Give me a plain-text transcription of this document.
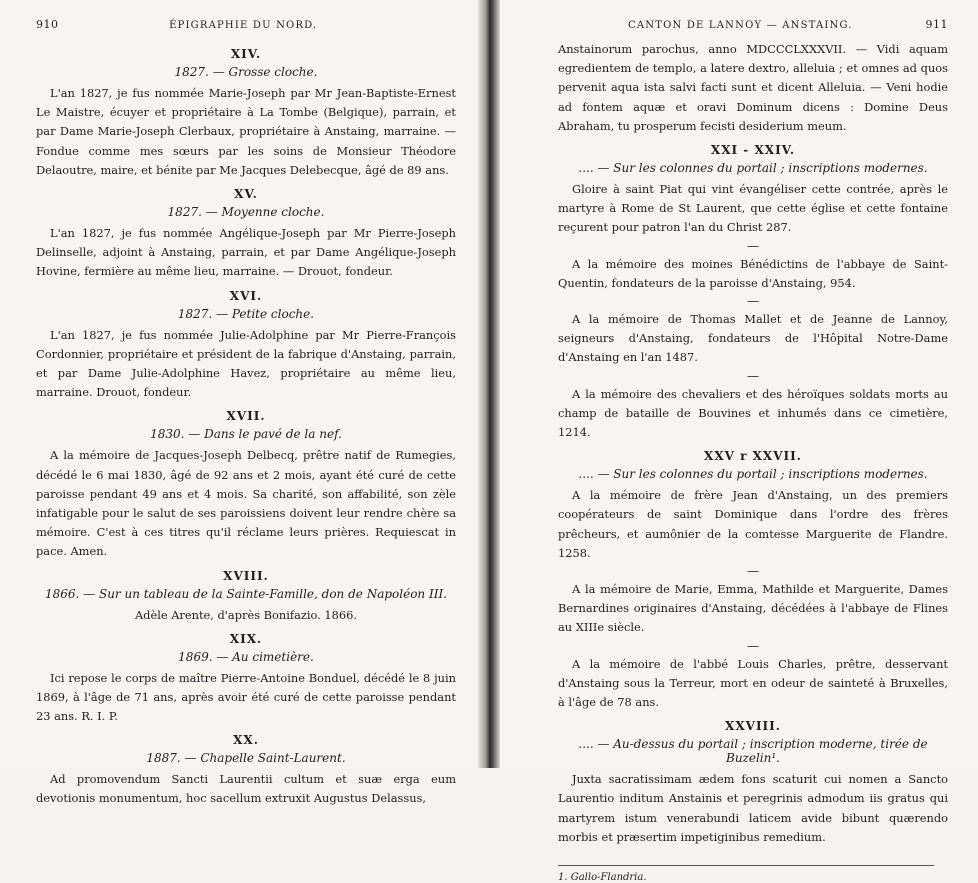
910	ÉPIGRAPHIE DU NORD.
XIV.
1827. — Grosse cloche.

L'an 1827, je fus nommée Marie-Joseph par Mr Jean-Baptiste-Ernest Le Maistre, écuyer et propriétaire à La Tombe (Belgique), parrain, et par Dame Marie-Joseph Clerbaux, propriétaire à Anstaing, marraine. — Fondue comme mes sœurs par les soins de Monsieur Théodore Delaoutre, maire, et bénite par Me Jacques Delebecque, âgé de 89 ans.

XV.
1827. — Moyenne cloche.

L'an 1827, je fus nommée Angélique-Joseph par Mr Pierre-Joseph Delinselle, adjoint à Anstaing, parrain, et par Dame Angélique-Joseph Hovine, fermière au même lieu, marraine. — Drouot, fondeur.

XVI.
1827. — Petite cloche.

L'an 1827, je fus nommée Julie-Adolphine par Mr Pierre-François Cordonnier, propriétaire et président de la fabrique d'Anstaing, parrain, et par Dame Julie-Adolphine Havez, propriétaire au même lieu, marraine. Drouot, fondeur.

XVII.
1830. — Dans le pavé de la nef.

A la mémoire de Jacques-Joseph Delbecq, prêtre natif de Rumegies, décédé le 6 mai 1830, âgé de 92 ans et 2 mois, ayant été curé de cette paroisse pendant 49 ans et 4 mois. Sa charité, son affabilité, son zèle infatigable pour le salut de ses paroissiens doivent leur rendre chère sa mémoire. C'est à ces titres qu'il réclame leurs prières. Requiescat in pace. Amen.

XVIII.
1866. — Sur un tableau de la Sainte-Famille, don de Napoléon III.
Adèle Arente, d'après Bonifazio. 1866.
XIX.
1869. — Au cimetière.

Ici repose le corps de maître Pierre-Antoine Bonduel, décédé le 8 juin 1869, à l'âge de 71 ans, après avoir été curé de cette paroisse pendant 23 ans. R. I. P.

XX.
1887. — Chapelle Saint-Laurent.

Ad promovendum Sancti Laurentii cultum et suæ erga eum devotionis monumentum, hoc sacellum extruxit Augustus Delassus,

CANTON DE LANNOY — ANSTAING.	911

Anstainorum parochus, anno MDCCCLXXXVII. — Vidi aquam egredientem de templo, a latere dextro, alleluia ; et omnes ad quos pervenit aqua ista salvi facti sunt et dicent Alleluia. — Veni hodie ad fontem aquæ et oravi Dominum dicens : Domine Deus Abraham, tu prosperum fecisti desiderium meum.

XXI - XXIV.
.... — Sur les colonnes du portail ; inscriptions modernes.

Gloire à saint Piat qui vint évangéliser cette contrée, après le martyre à Rome de St Laurent, que cette église et cette fontaine reçurent pour patron l'an du Christ 287.

—

A la mémoire des moines Bénédictins de l'abbaye de Saint-Quentin, fondateurs de la paroisse d'Anstaing, 954.

—

A la mémoire de Thomas Mallet et de Jeanne de Lannoy, seigneurs d'Anstaing, fondateurs de l'Hôpital Notre-Dame d'Anstaing en l'an 1487.

—

A la mémoire des chevaliers et des héroïques soldats morts au champ de bataille de Bouvines et inhumés dans ce cimetière, 1214.

XXV r XXVII.
.... — Sur les colonnes du portail ; inscriptions modernes.

A la mémoire de frère Jean d'Anstaing, un des premiers coopérateurs de saint Dominique dans l'ordre des frères prêcheurs, et aumônier de la comtesse Marguerite de Flandre. 1258.

—

A la mémoire de Marie, Emma, Mathilde et Marguerite, Dames Bernardines originaires d'Anstaing, décédées à l'abbaye de Flines au XIIIe siècle.

—

A la mémoire de l'abbé Louis Charles, prêtre, desservant d'Anstaing sous la Terreur, mort en odeur de sainteté à Bruxelles, à l'âge de 78 ans.

XXVIII.
.... — Au-dessus du portail ; inscription moderne, tirée de Buzelin¹.

Juxta sacratissimam ædem fons scaturit cui nomen a Sancto Laurentio inditum Anstainis et peregrinis admodum iis gratus qui martyrem istum venerabundi laticem avide bibunt quærendo morbis et præsertim impetiginibus remedium.

1. Gallo-Flandria.
